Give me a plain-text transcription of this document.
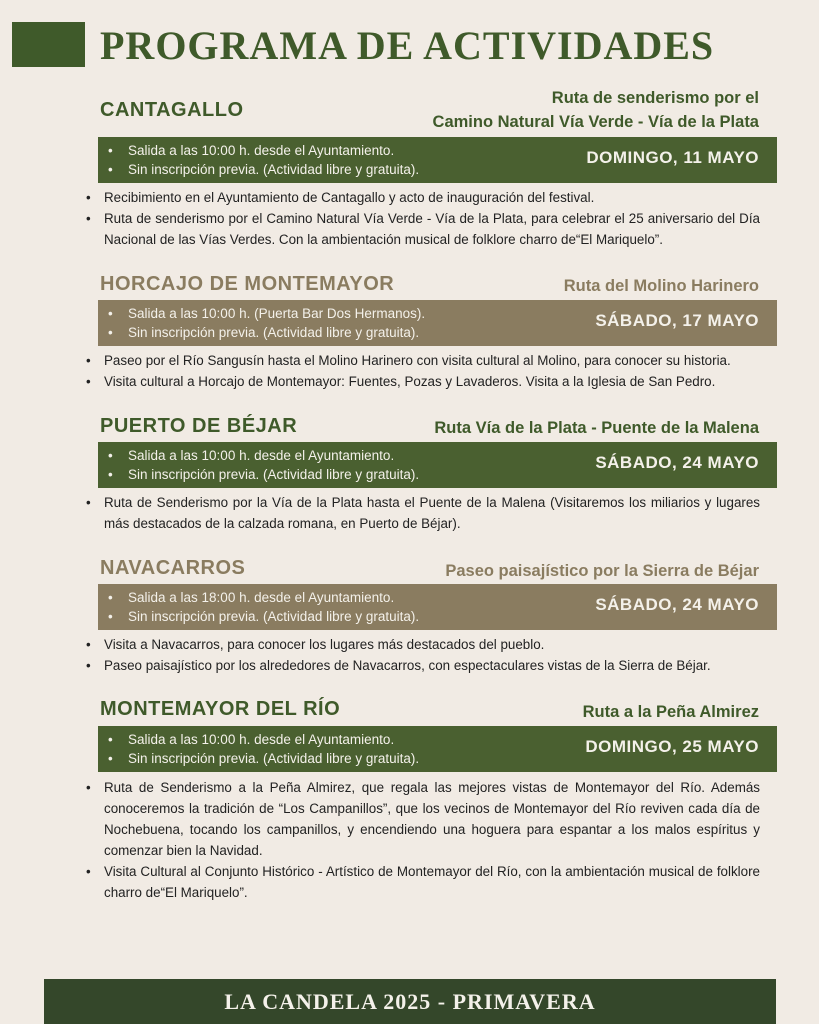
PROGRAMA DE ACTIVIDADES
CANTAGALLO
Ruta de senderismo por el
Camino Natural Vía Verde - Vía de la Plata
• Salida a las 10:00 h. desde el Ayuntamiento.
• Sin inscripción previa. (Actividad libre y gratuita).
DOMINGO, 11 MAYO
• Recibimiento en el Ayuntamiento de Cantagallo y acto de inauguración del festival.
• Ruta de senderismo por el Camino Natural Vía Verde - Vía de la Plata, para celebrar el 25 aniversario del Día Nacional de las Vías Verdes. Con la ambientación musical de folklore charro de“El Mariquelo”.
HORCAJO DE MONTEMAYOR	Ruta del Molino Harinero
• Salida a las 10:00 h. (Puerta Bar Dos Hermanos).
• Sin inscripción previa. (Actividad libre y gratuita).
SÁBADO, 17 MAYO
• Paseo por el Río Sangusín hasta el Molino Harinero con visita cultural al Molino, para conocer su historia.
• Visita cultural a Horcajo de Montemayor: Fuentes, Pozas y Lavaderos. Visita a la Iglesia de San Pedro.
PUERTO DE BÉJAR	Ruta Vía de la Plata - Puente de la Malena
• Salida a las 10:00 h. desde el Ayuntamiento.
• Sin inscripción previa. (Actividad libre y gratuita).
SÁBADO, 24 MAYO
• Ruta de Senderismo por la Vía de la Plata hasta el Puente de la Malena (Visitaremos los miliarios y lugares más destacados de la calzada romana, en Puerto de Béjar).
NAVACARROS	Paseo paisajístico por la Sierra de Béjar
• Salida a las 18:00 h. desde el Ayuntamiento.
• Sin inscripción previa. (Actividad libre y gratuita).
SÁBADO, 24 MAYO
• Visita a Navacarros, para conocer los lugares más destacados del pueblo.
• Paseo paisajístico por los alrededores de Navacarros, con espectaculares vistas de la Sierra de Béjar.
MONTEMAYOR DEL RÍO	Ruta a la Peña Almirez
• Salida a las 10:00 h. desde el Ayuntamiento.
• Sin inscripción previa. (Actividad libre y gratuita).
DOMINGO, 25 MAYO
• Ruta de Senderismo a la Peña Almirez, que regala las mejores vistas de Montemayor del Río. Además conoceremos la tradición de “Los Campanillos”, que los vecinos de Montemayor del Río reviven cada día de Nochebuena, tocando los campanillos, y encendiendo una hoguera para espantar a los malos espíritus y comenzar bien la Navidad.
• Visita Cultural al Conjunto Histórico - Artístico de Montemayor del Río, con la ambientación musical de folklore charro de“El Mariquelo”.
LA CANDELA 2025 - PRIMAVERA
